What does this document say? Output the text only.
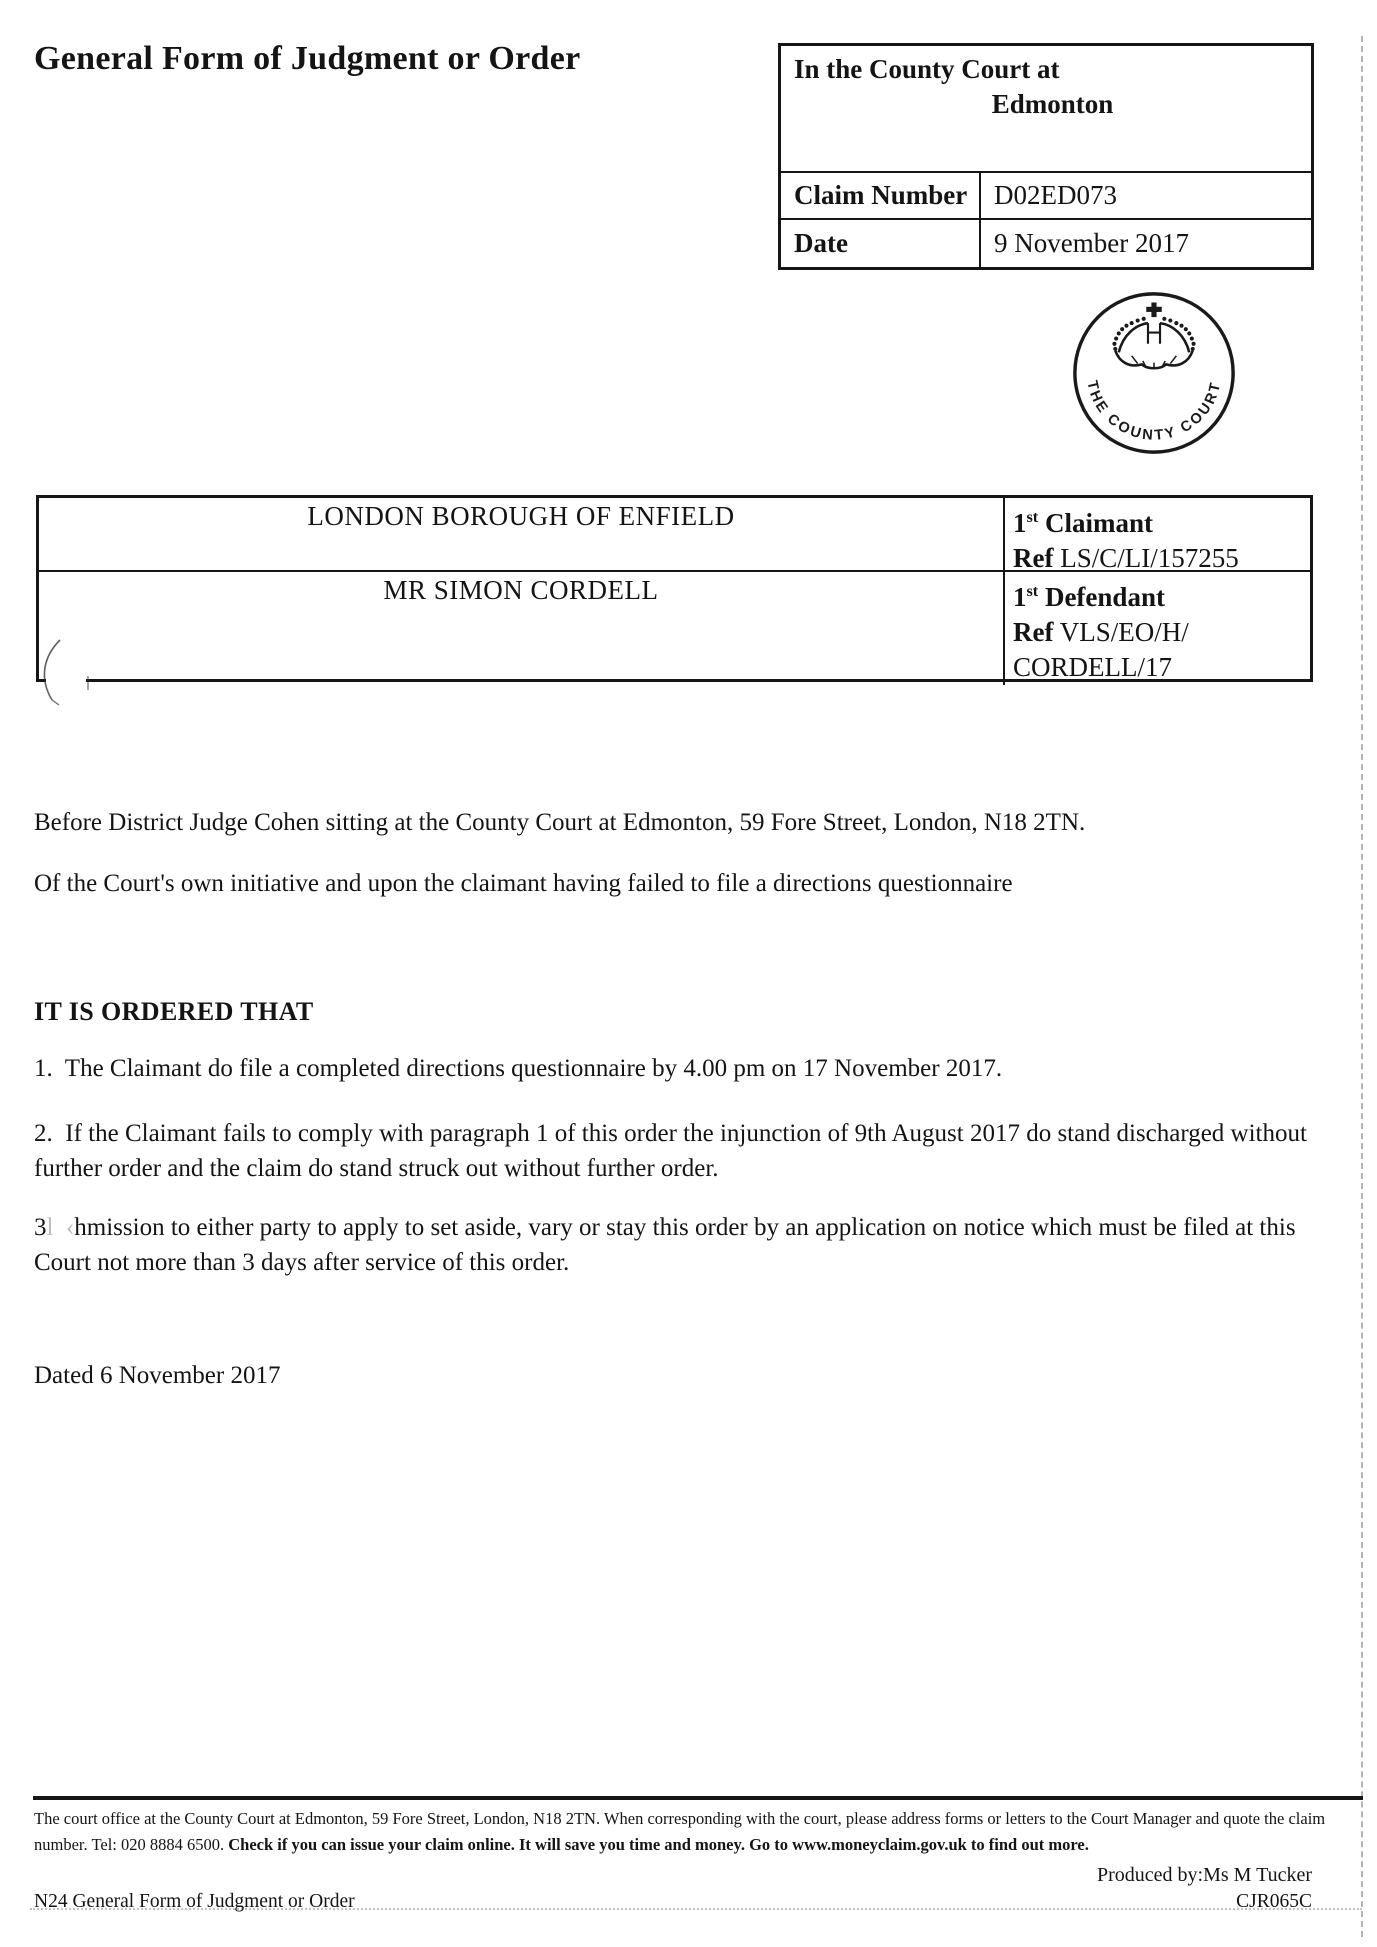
General Form of Judgment or Order	In the County Court at
Edmonton
Claim Number D02ED073
Date	9 November 2017
THE COUNTY COURT
LONDON BOROUGH OF ENFIELD	1st Claimant
Ref LS/C/LI/157255
MR SIMON CORDELL	1st Defendant
Ref VLS/EO/H/
CORDELL/17

Before District Judge Cohen sitting at the County Court at Edmonton, 59 Fore Street, London, N18 2TN.

Of the Court's own initiative and upon the claimant having failed to file a directions questionnaire

IT IS ORDERED THAT

1.  The Claimant do file a completed directions questionnaire by 4.00 pm on 17 November 2017.

2.  If the Claimant fails to comply with paragraph 1 of this order the injunction of 9th August 2017 do stand discharged without further order and the claim do stand struck out without further order.

3l  ‹hmission to either party to apply to set aside, vary or stay this order by an application on notice which must be filed at this Court not more than 3 days after service of this order.

Dated 6 November 2017

The court office at the County Court at Edmonton, 59 Fore Street, London, N18 2TN. When corresponding with the court, please address forms or letters to the Court Manager and quote the claim number. Tel: 020 8884 6500. Check if you can issue your claim online. It will save you time and money. Go to www.moneyclaim.gov.uk to find out more.

Produced by:Ms M Tucker

N24 General Form of Judgment or Order	CJR065C
